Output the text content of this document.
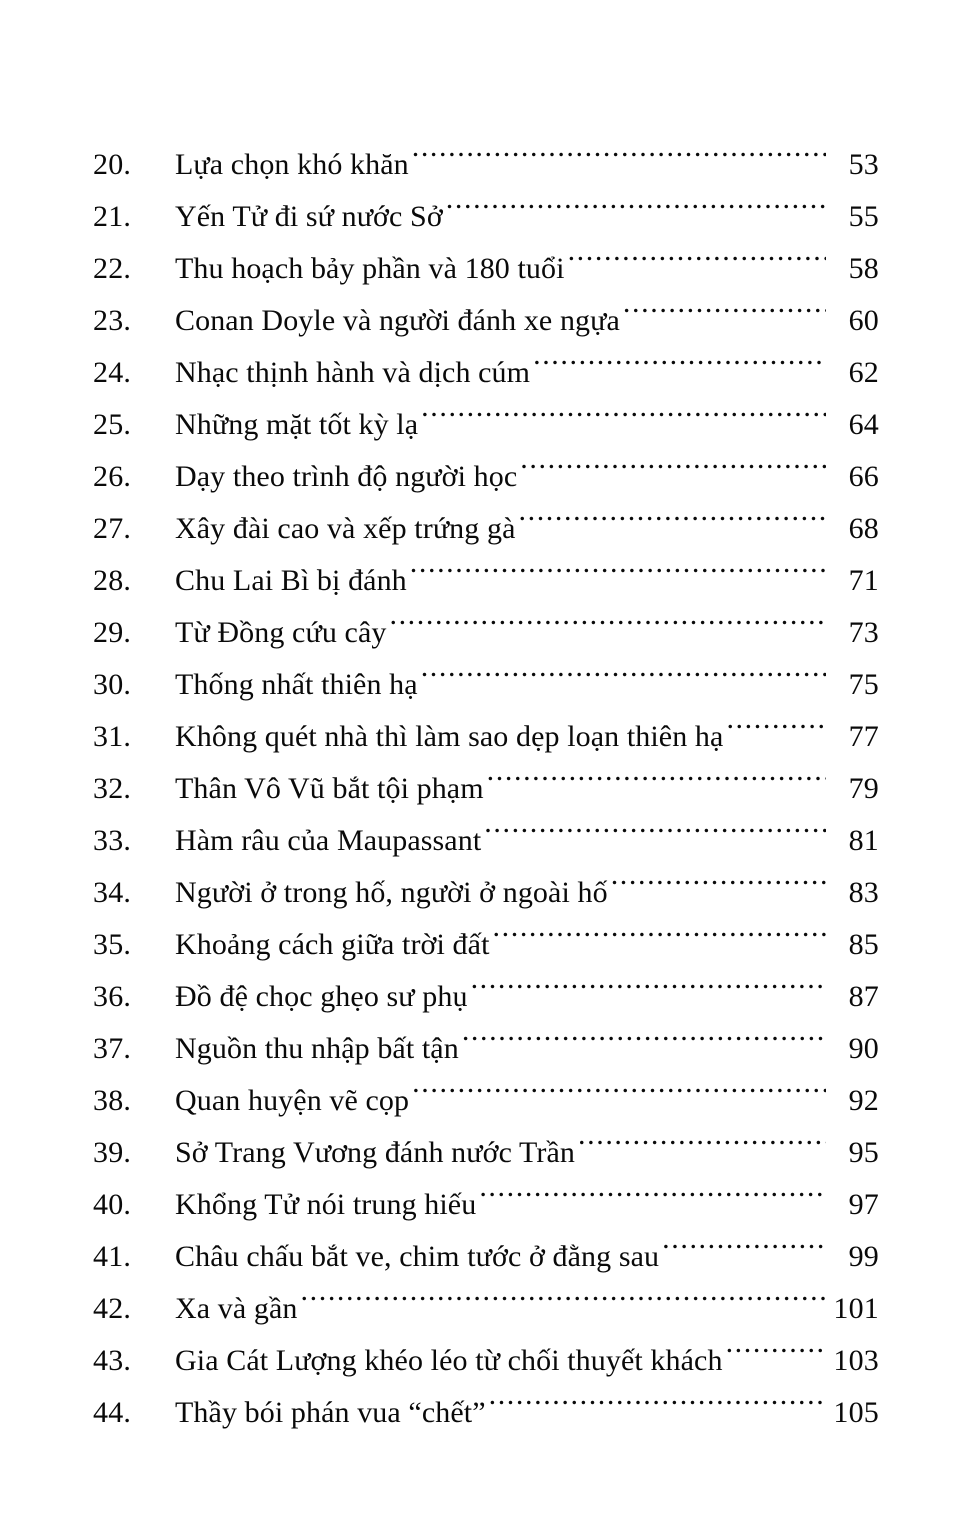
20.	Lựa chọn khó khăn .....	53
21.	Yến Tử đi sứ nước Sở .....	55
22.	Thu hoạch bảy phần và 180 tuổi .....	58
23.	Conan Doyle và người đánh xe ngựa .....	60
24.	Nhạc thịnh hành và dịch cúm .....	62
25.	Những mặt tốt kỳ lạ .....	64
26.	Dạy theo trình độ người học .....	66
27.	Xây đài cao và xếp trứng gà .....	68
28.	Chu Lai Bì bị đánh .....	71
29.	Từ Đồng cứu cây .....	73
30.	Thống nhất thiên hạ .....	75
31.	Không quét nhà thì làm sao dẹp loạn thiên hạ .....	77
32.	Thân Vô Vũ bắt tội phạm .....	79
33.	Hàm râu của Maupassant .....	81
34.	Người ở trong hố, người ở ngoài hố .....	83
35.	Khoảng cách giữa trời đất .....	85
36.	Đồ đệ chọc ghẹo sư phụ .....	87
37.	Nguồn thu nhập bất tận .....	90
38.	Quan huyện vẽ cọp .....	92
39.	Sở Trang Vương đánh nước Trần .....	95
40.	Khổng Tử nói trung hiếu .....	97
41.	Châu chấu bắt ve, chim tước ở đằng sau .....	99
42.	Xa và gần .....	101
43.	Gia Cát Lượng khéo léo từ chối thuyết khách .....	103
44.	Thầy bói phán vua “chết” .....	105
